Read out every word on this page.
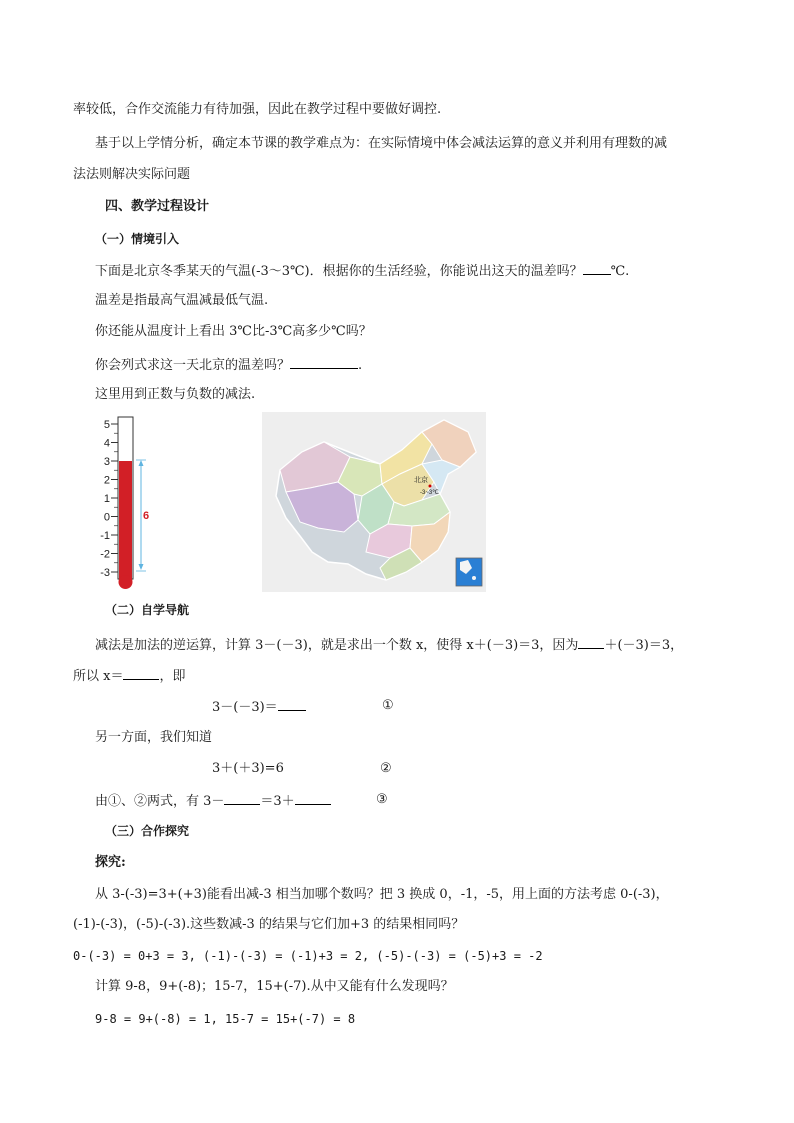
率较低，合作交流能力有待加强，因此在教学过程中要做好调控.
基于以上学情分析，确定本节课的教学难点为：在实际情境中体会减法运算的意义并利用有理数的减
法法则解决实际问题
四、教学过程设计
（一）情境引入
下面是北京冬季某天的气温(-3～3℃)．根据你的生活经验，你能说出这天的温差吗？ ℃.
温差是指最高气温减最低气温.
你还能从温度计上看出 3℃比-3℃高多少℃吗？
你会列式求这一天北京的温差吗？	.
这里用到正数与负数的减法.
5
4
3
2
1
0
-1
-2
-3
6
北京
-3~3℃
（二）自学导航
减法是加法的逆运算，计算 3－(－3)，就是求出一个数 x，使得 x＋(－3)＝3，因为 ＋(－3)＝3，
所以 x＝	，即
3－(－3)＝	①
另一方面，我们知道
3＋(＋3)=6	②
由①、②两式，有 3－	＝3＋	③
（三）合作探究
探究:
从 3-(-3)=3+(+3)能看出减-3 相当加哪个数吗？把 3 换成 0，-1，-5，用上面的方法考虑 0-(-3)，
(-1)-(-3)，(-5)-(-3).这些数减-3 的结果与它们加+3 的结果相同吗？
0-(-3) = 0+3 = 3, (-1)-(-3) = (-1)+3 = 2, (-5)-(-3) = (-5)+3 = -2
计算 9-8，9+(-8)；15-7，15+(-7).从中又能有什么发现吗？
9-8 = 9+(-8) = 1, 15-7 = 15+(-7) = 8
